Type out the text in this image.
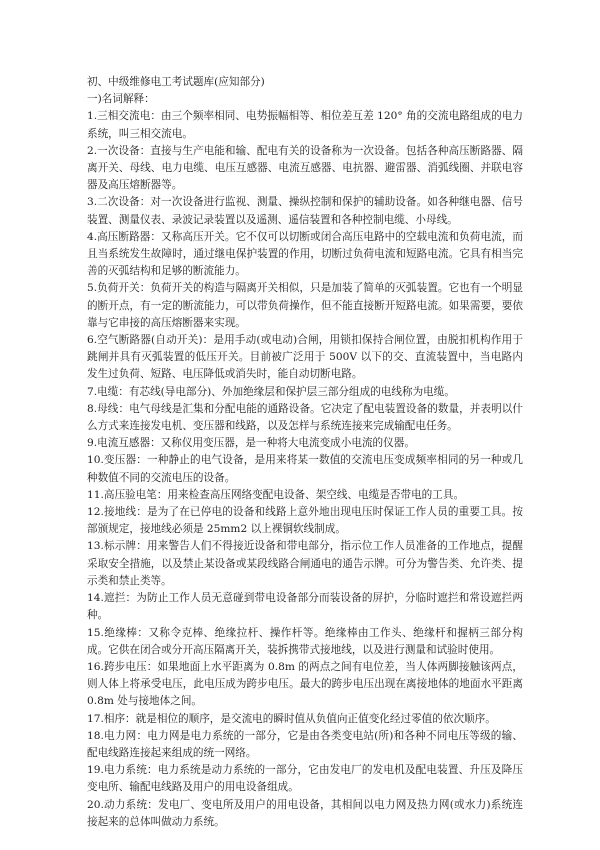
初、中级维修电工考试题库(应知部分)

一)名词解释：

1.三相交流电：由三个频率相同、电势振幅相等、相位差互差 120° 角的交流电路组成的电力系统，叫三相交流电。

2.一次设备：直接与生产电能和输、配电有关的设备称为一次设备。包括各种高压断路器、隔离开关、母线、电力电缆、电压互感器、电流互感器、电抗器、避雷器、消弧线圈、并联电容器及高压熔断器等。

3.二次设备：对一次设备进行监视、测量、操纵控制和保护的辅助设备。如各种继电器、信号装置、测量仪表、录波记录装置以及遥测、遥信装置和各种控制电缆、小母线。

4.高压断路器：又称高压开关。它不仅可以切断或闭合高压电路中的空载电流和负荷电流，而且当系统发生故障时，通过继电保护装置的作用，切断过负荷电流和短路电流。它具有相当完善的灭弧结构和足够的断流能力。

5.负荷开关：负荷开关的构造与隔离开关相似，只是加装了简单的灭弧装置。它也有一个明显的断开点，有一定的断流能力，可以带负荷操作，但不能直接断开短路电流。如果需要，要依靠与它串接的高压熔断器来实现。

6.空气断路器(自动开关)：是用手动(或电动)合闸，用锁扣保持合闸位置，由脱扣机构作用于跳闸并具有灭弧装置的低压开关。目前被广泛用于 500V 以下的交、直流装置中，当电路内发生过负荷、短路、电压降低或消失时，能自动切断电路。

7.电缆：有芯线(导电部分)、外加绝缘层和保护层三部分组成的电线称为电缆。

8.母线：电气母线是汇集和分配电能的通路设备。它决定了配电装置设备的数量，并表明以什么方式来连接发电机、变压器和线路，以及怎样与系统连接来完成输配电任务。

9.电流互感器：又称仪用变压器，是一种将大电流变成小电流的仪器。

10.变压器：一种静止的电气设备，是用来将某一数值的交流电压变成频率相同的另一种或几种数值不同的交流电压的设备。

11.高压验电笔：用来检查高压网络变配电设备、架空线、电缆是否带电的工具。

12.接地线：是为了在已停电的设备和线路上意外地出现电压时保证工作人员的重要工具。按部颁规定，接地线必须是 25mm2 以上裸铜软线制成。

13.标示牌：用来警告人们不得接近设备和带电部分，指示位工作人员准备的工作地点，提醒采取安全措施，以及禁止某设备或某段线路合闸通电的通告示牌。可分为警告类、允许类、提示类和禁止类等。

14.遮拦：为防止工作人员无意碰到带电设备部分而装设备的屏护，分临时遮拦和常设遮拦两种。

15.绝缘棒：又称令克棒、绝缘拉杆、操作杆等。绝缘棒由工作头、绝缘杆和握柄三部分构成。它供在闭合或分开高压隔离开关，装拆携带式接地线，以及进行测量和试验时使用。

16.跨步电压：如果地面上水平距离为 0.8m 的两点之间有电位差，当人体两脚接触该两点，则人体上将承受电压，此电压成为跨步电压。最大的跨步电压出现在离接地体的地面水平距离 0.8m 处与接地体之间。

17.相序：就是相位的顺序，是交流电的瞬时值从负值向正值变化经过零值的依次顺序。

18.电力网：电力网是电力系统的一部分，它是由各类变电站(所)和各种不同电压等级的输、配电线路连接起来组成的统一网络。

19.电力系统：电力系统是动力系统的一部分，它由发电厂的发电机及配电装置、升压及降压变电所、输配电线路及用户的用电设备组成。

20.动力系统：发电厂、变电所及用户的用电设备，其相间以电力网及热力网(或水力)系统连接起来的总体叫做动力系统。
